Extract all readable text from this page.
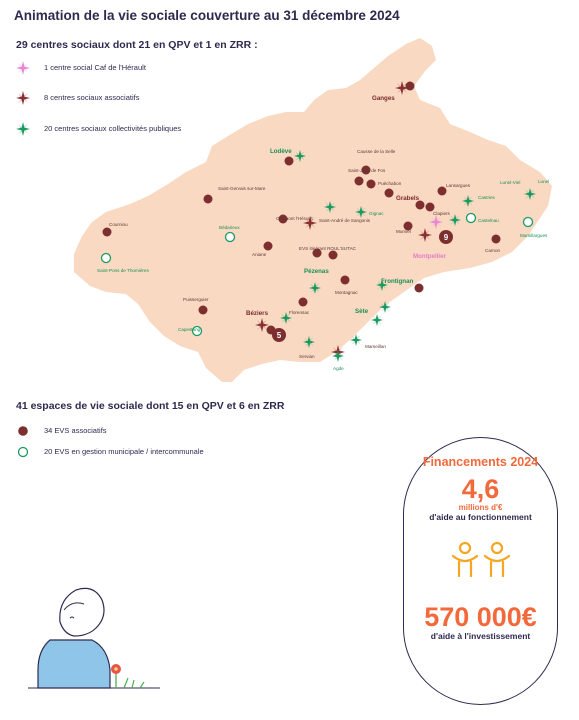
Animation de la vie sociale couverture au 31 décembre 2024
29 centres sociaux dont 21 en QPV et 1 en ZRR :
1 centre social Caf de l'Hérault
8 centres sociaux associatifs
20 centres sociaux collectivités publiques
9
5
Ganges
Lodève
Grabels
Montpellier
Pézenas
Frontignan
Béziers	Sète
Agde
Courniou
Saint-Pons de Thomières
Puisserguier
Capestang
Saint-Gervais sur-Mare
Bédarieux
Clermont l'Hérault Saint-André de Sangonis
Aniane
Gignac
EVS itinérant ROUL'SUTAC
Causse de la Selle
Saint-Jean de Fos
Puéchabon
Murviel
Montagnac
Florensac
Servian
Marseillan
Lunel
Lunel-Viel
Lansargues
Castries
Clapiers
Castelnau
Marsillargues
Carnon
41 espaces de vie sociale dont 15 en QPV et 6 en ZRR
34 EVS associatifs
20 EVS en gestion municipale / intercommunale
Financements 2024
4,6
millions d'€
d'aide au fonctionnement
570 000€
d'aide à l'investissement
